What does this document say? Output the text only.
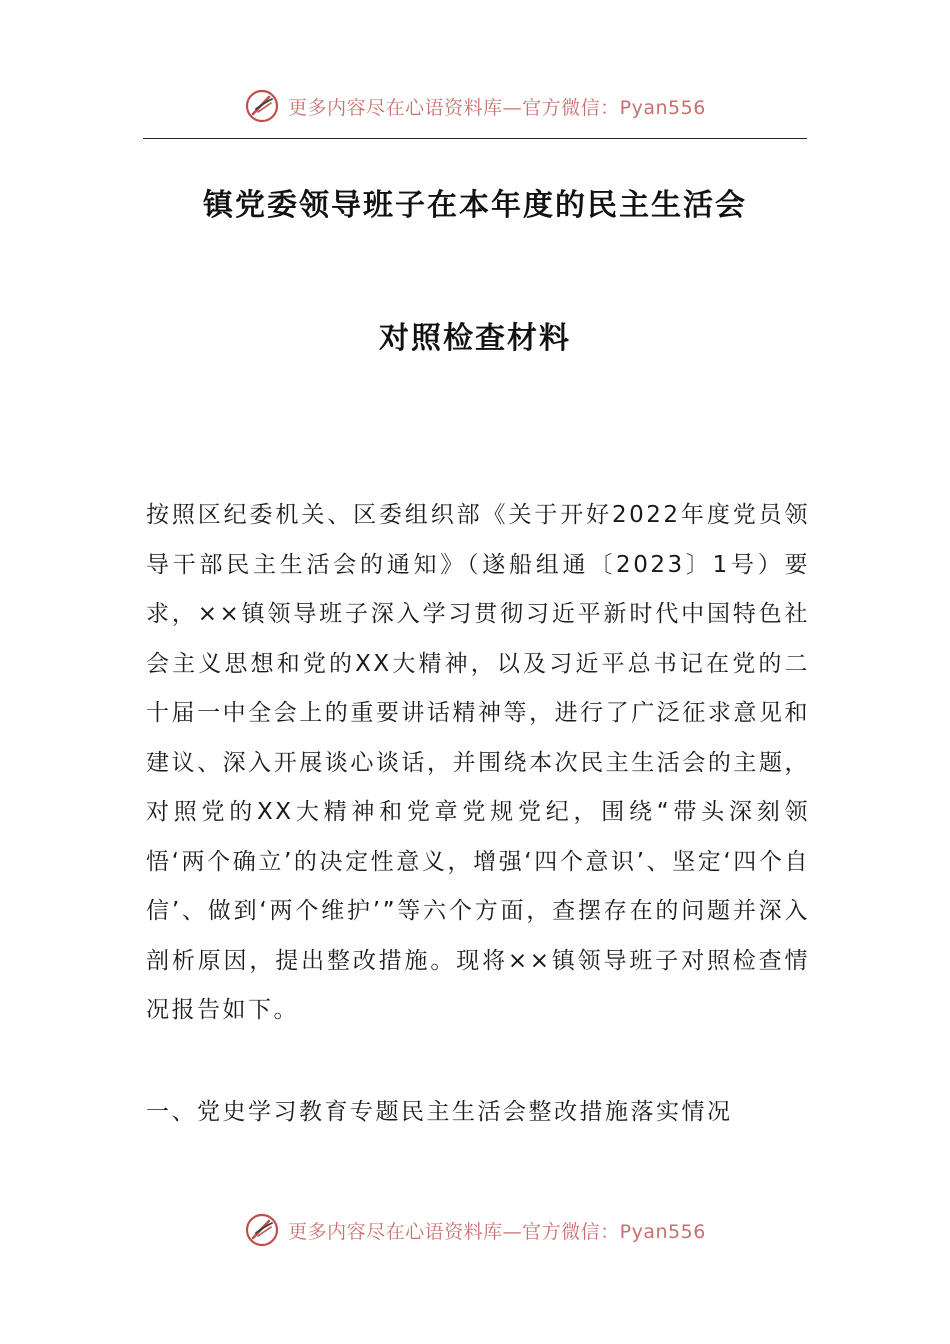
更多内容尽在心语资料库—官方微信：Pyan556
镇党委领导班子在本年度的民主生活会
对照检查材料
按照区纪委机关、区委组织部《关于开好2022年度党员领导干部民主生活会的通知》（遂船组通〔2023〕1号）要求，××镇领导班子深入学习贯彻习近平新时代中国特色社会主义思想和党的XX大精神，以及习近平总书记在党的二十届一中全会上的重要讲话精神等，进行了广泛征求意见和建议、深入开展谈心谈话，并围绕本次民主生活会的主题，对照党的XX大精神和党章党规党纪，围绕“带头深刻领悟‘两个确立’的决定性意义，增强‘四个意识’、坚定‘四个自信’、做到‘两个维护’”等六个方面，查摆存在的问题并深入剖析原因，提出整改措施。现将××镇领导班子对照检查情况报告如下。
一、党史学习教育专题民主生活会整改措施落实情况
更多内容尽在心语资料库—官方微信：Pyan556
